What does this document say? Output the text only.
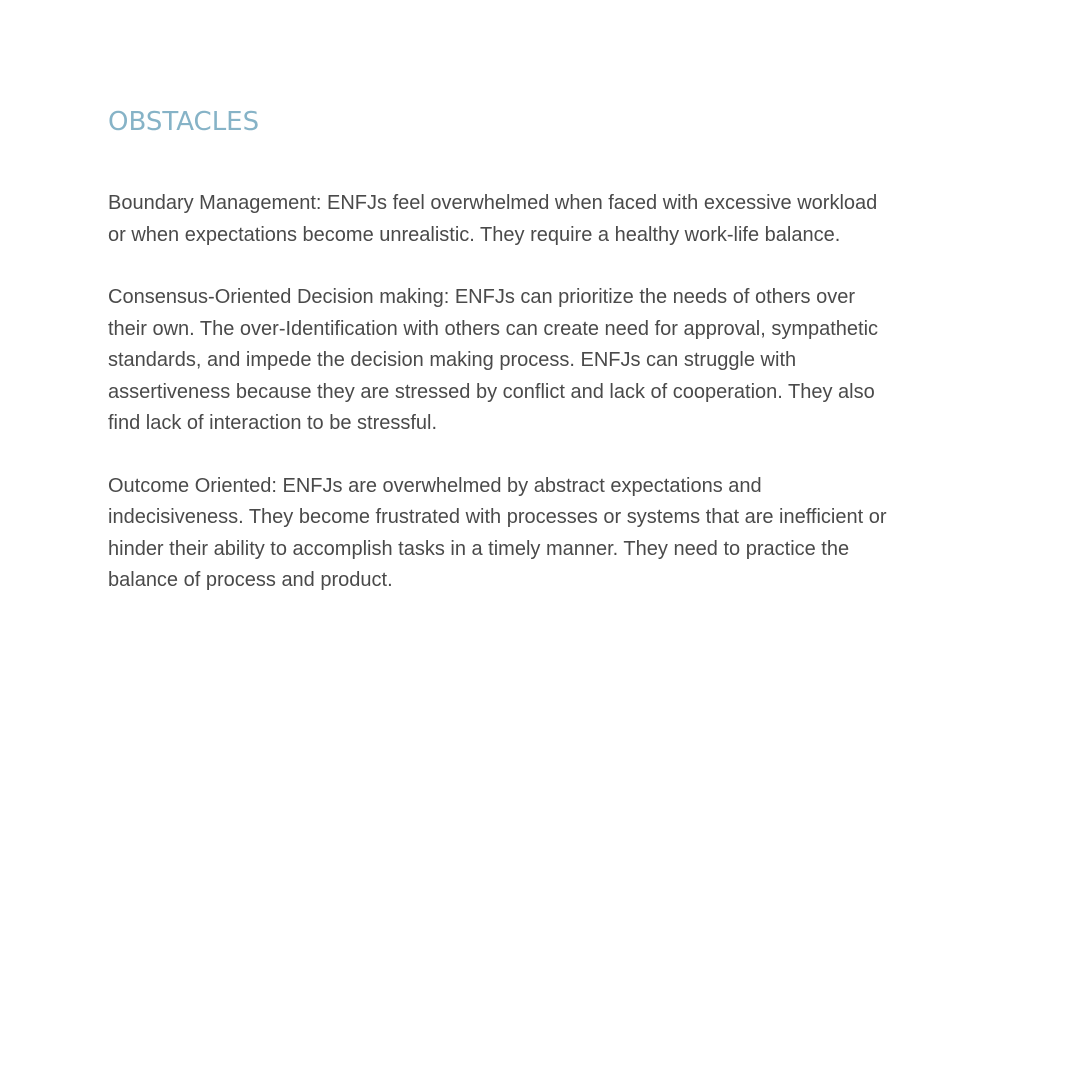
OBSTACLES

Boundary Management: ENFJs feel overwhelmed when faced with excessive workload or when expectations become unrealistic. They require a healthy work-life balance.

Consensus-Oriented Decision making: ENFJs can prioritize the needs of others over their own. The over-Identification with others can create need for approval, sympathetic standards, and impede the decision making process. ENFJs can struggle with assertiveness because they are stressed by conflict and lack of cooperation. They also find lack of interaction to be stressful.

Outcome Oriented: ENFJs are overwhelmed by abstract expectations and indecisiveness. They become frustrated with processes or systems that are inefficient or hinder their ability to accomplish tasks in a timely manner. They need to practice the balance of process and product.
